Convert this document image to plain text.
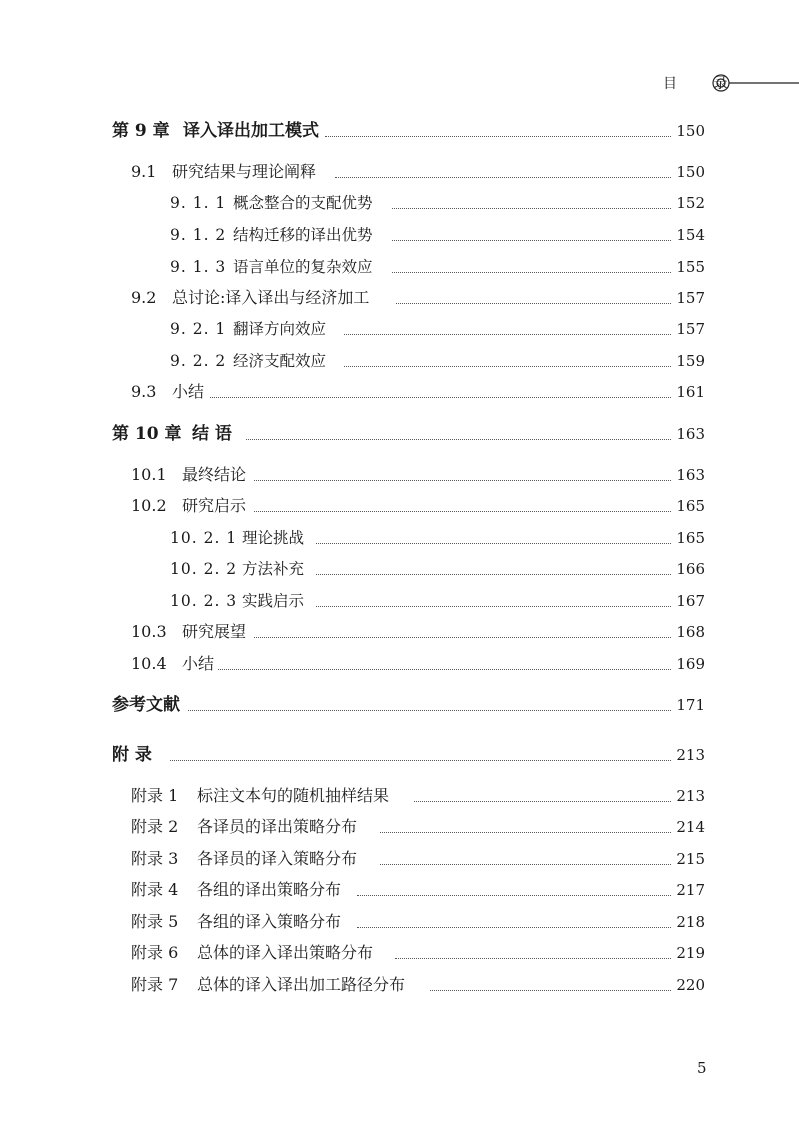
目 录
第 9 章 译入译出加工模式	150
9.1 研究结果与理论阐释	150
9. 1. 1 概念整合的支配优势	152
9. 1. 2 结构迁移的译出优势	154
9. 1. 3 语言单位的复杂效应	155
9.2 总讨论:译入译出与经济加工	157
9. 2. 1 翻译方向效应	157
9. 2. 2 经济支配效应	159
9.3 小结	161
第 10 章 结 语	163
10.1 最终结论	163
10.2 研究启示	165
10. 2. 1 理论挑战	165
10. 2. 2 方法补充	166
10. 2. 3 实践启示	167
10.3 研究展望	168
10.4 小结	169
参考文献	171
附 录	213
附录 1 标注文本句的随机抽样结果	213
附录 2 各译员的译出策略分布	214
附录 3 各译员的译入策略分布	215
附录 4 各组的译出策略分布	217
附录 5 各组的译入策略分布	218
附录 6 总体的译入译出策略分布	219
附录 7 总体的译入译出加工路径分布	220
5
